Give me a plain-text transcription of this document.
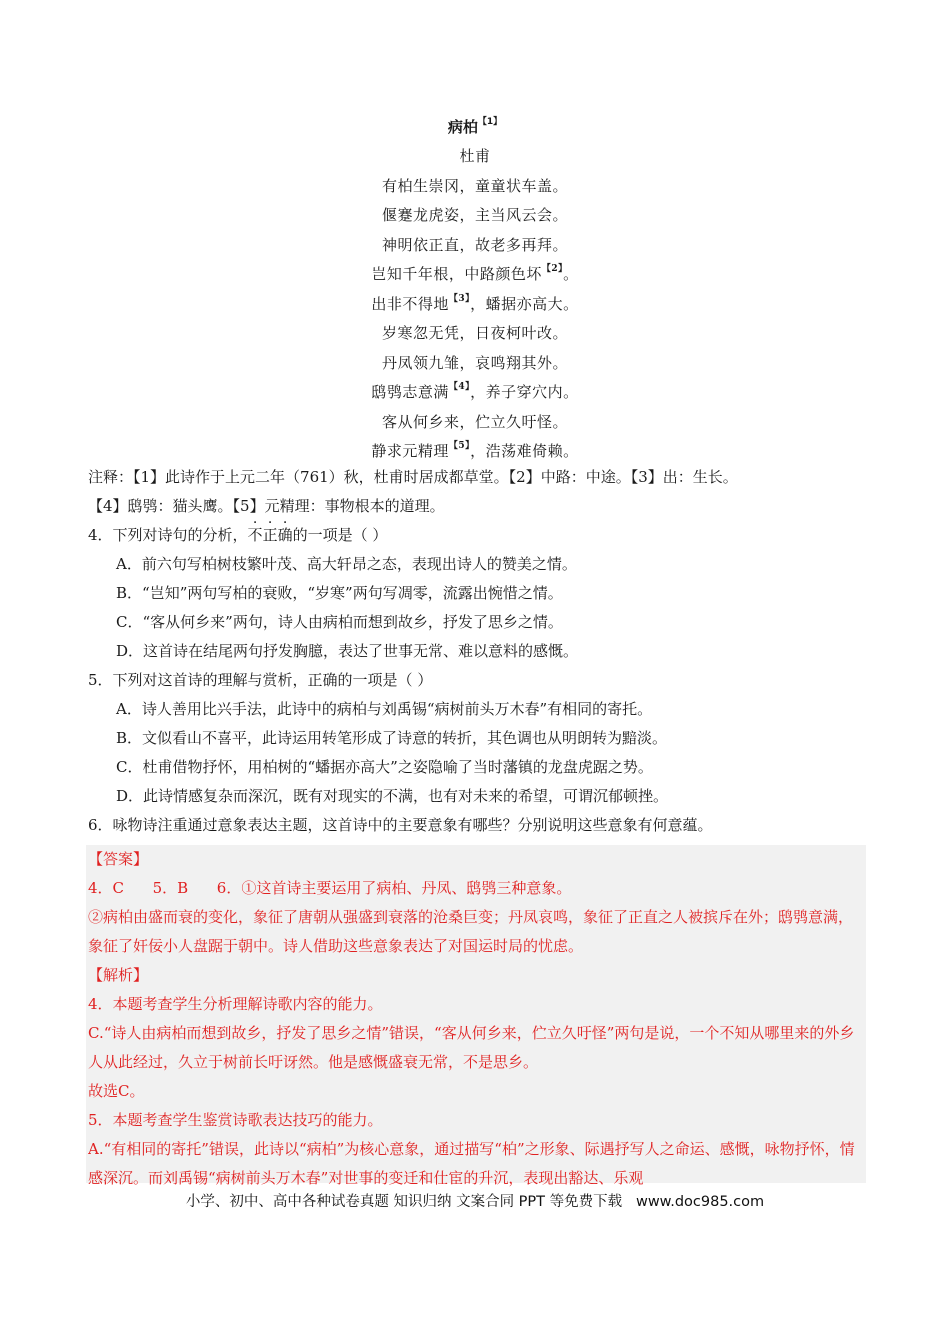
病柏$^{【1】}$
杜甫
有柏生崇冈，童童状车盖。
偃蹇龙虎姿，主当风云会。
神明依正直，故老多再拜。
岂知千年根，中路颜色坏$^{【2】}$。
出非不得地$^{【3】}$，蟠据亦高大。
岁寒忽无凭，日夜柯叶改。
丹凤领九雏，哀鸣翔其外。
鸱鸮志意满$^{【4】}$，养子穿穴内。
客从何乡来，伫立久吁怪。
静求元精理$^{【5】}$，浩荡难倚赖。

注释：【1】此诗作于上元二年（761）秋，杜甫时居成都草堂。【2】中路：中途。【3】出：生长。

【4】鸱鸮：猫头鹰。【5】元精理：事物根本的道理。

4．下列对诗句的分析，不正确的一项是（ ）

A．前六句写柏树枝繁叶茂、高大轩昂之态，表现出诗人的赞美之情。

B．“岂知”两句写柏的衰败，“岁寒”两句写凋零，流露出惋惜之情。

C．“客从何乡来”两句，诗人由病柏而想到故乡，抒发了思乡之情。

D．这首诗在结尾两句抒发胸臆，表达了世事无常、难以意料的感慨。

5．下列对这首诗的理解与赏析，正确的一项是（ ）

A．诗人善用比兴手法，此诗中的病柏与刘禹锡“病树前头万木春”有相同的寄托。

B．文似看山不喜平，此诗运用转笔形成了诗意的转折，其色调也从明朗转为黯淡。

C．杜甫借物抒怀，用柏树的“蟠据亦高大”之姿隐喻了当时藩镇的龙盘虎踞之势。

D．此诗情感复杂而深沉，既有对现实的不满，也有对未来的希望，可谓沉郁顿挫。

6．咏物诗注重通过意象表达主题，这首诗中的主要意象有哪些？分别说明这些意象有何意蕴。

【答案】

4．C      5．B      6．①这首诗主要运用了病柏、丹凤、鸱鸮三种意象。

②病柏由盛而衰的变化，象征了唐朝从强盛到衰落的沧桑巨变；丹凤哀鸣，象征了正直之人被摈斥在外；鸱鸮意满，象征了奸佞小人盘踞于朝中。诗人借助这些意象表达了对国运时局的忧虑。

【解析】

4．本题考查学生分析理解诗歌内容的能力。

C.“诗人由病柏而想到故乡，抒发了思乡之情”错误，“客从何乡来，伫立久吁怪”两句是说，一个不知从哪里来的外乡人从此经过，久立于树前长吁讶然。他是感慨盛衰无常，不是思乡。

故选C。

5．本题考查学生鉴赏诗歌表达技巧的能力。

A.“有相同的寄托”错误，此诗以“病柏”为核心意象，通过描写“柏”之形象、际遇抒写人之命运、感慨，咏物抒怀，情感深沉。而刘禹锡“病树前头万木春”对世事的变迁和仕宦的升沉，表现出豁达、乐观

小学、初中、高中各种试卷真题 知识归纳 文案合同 PPT 等免费下载   www.doc985.com
